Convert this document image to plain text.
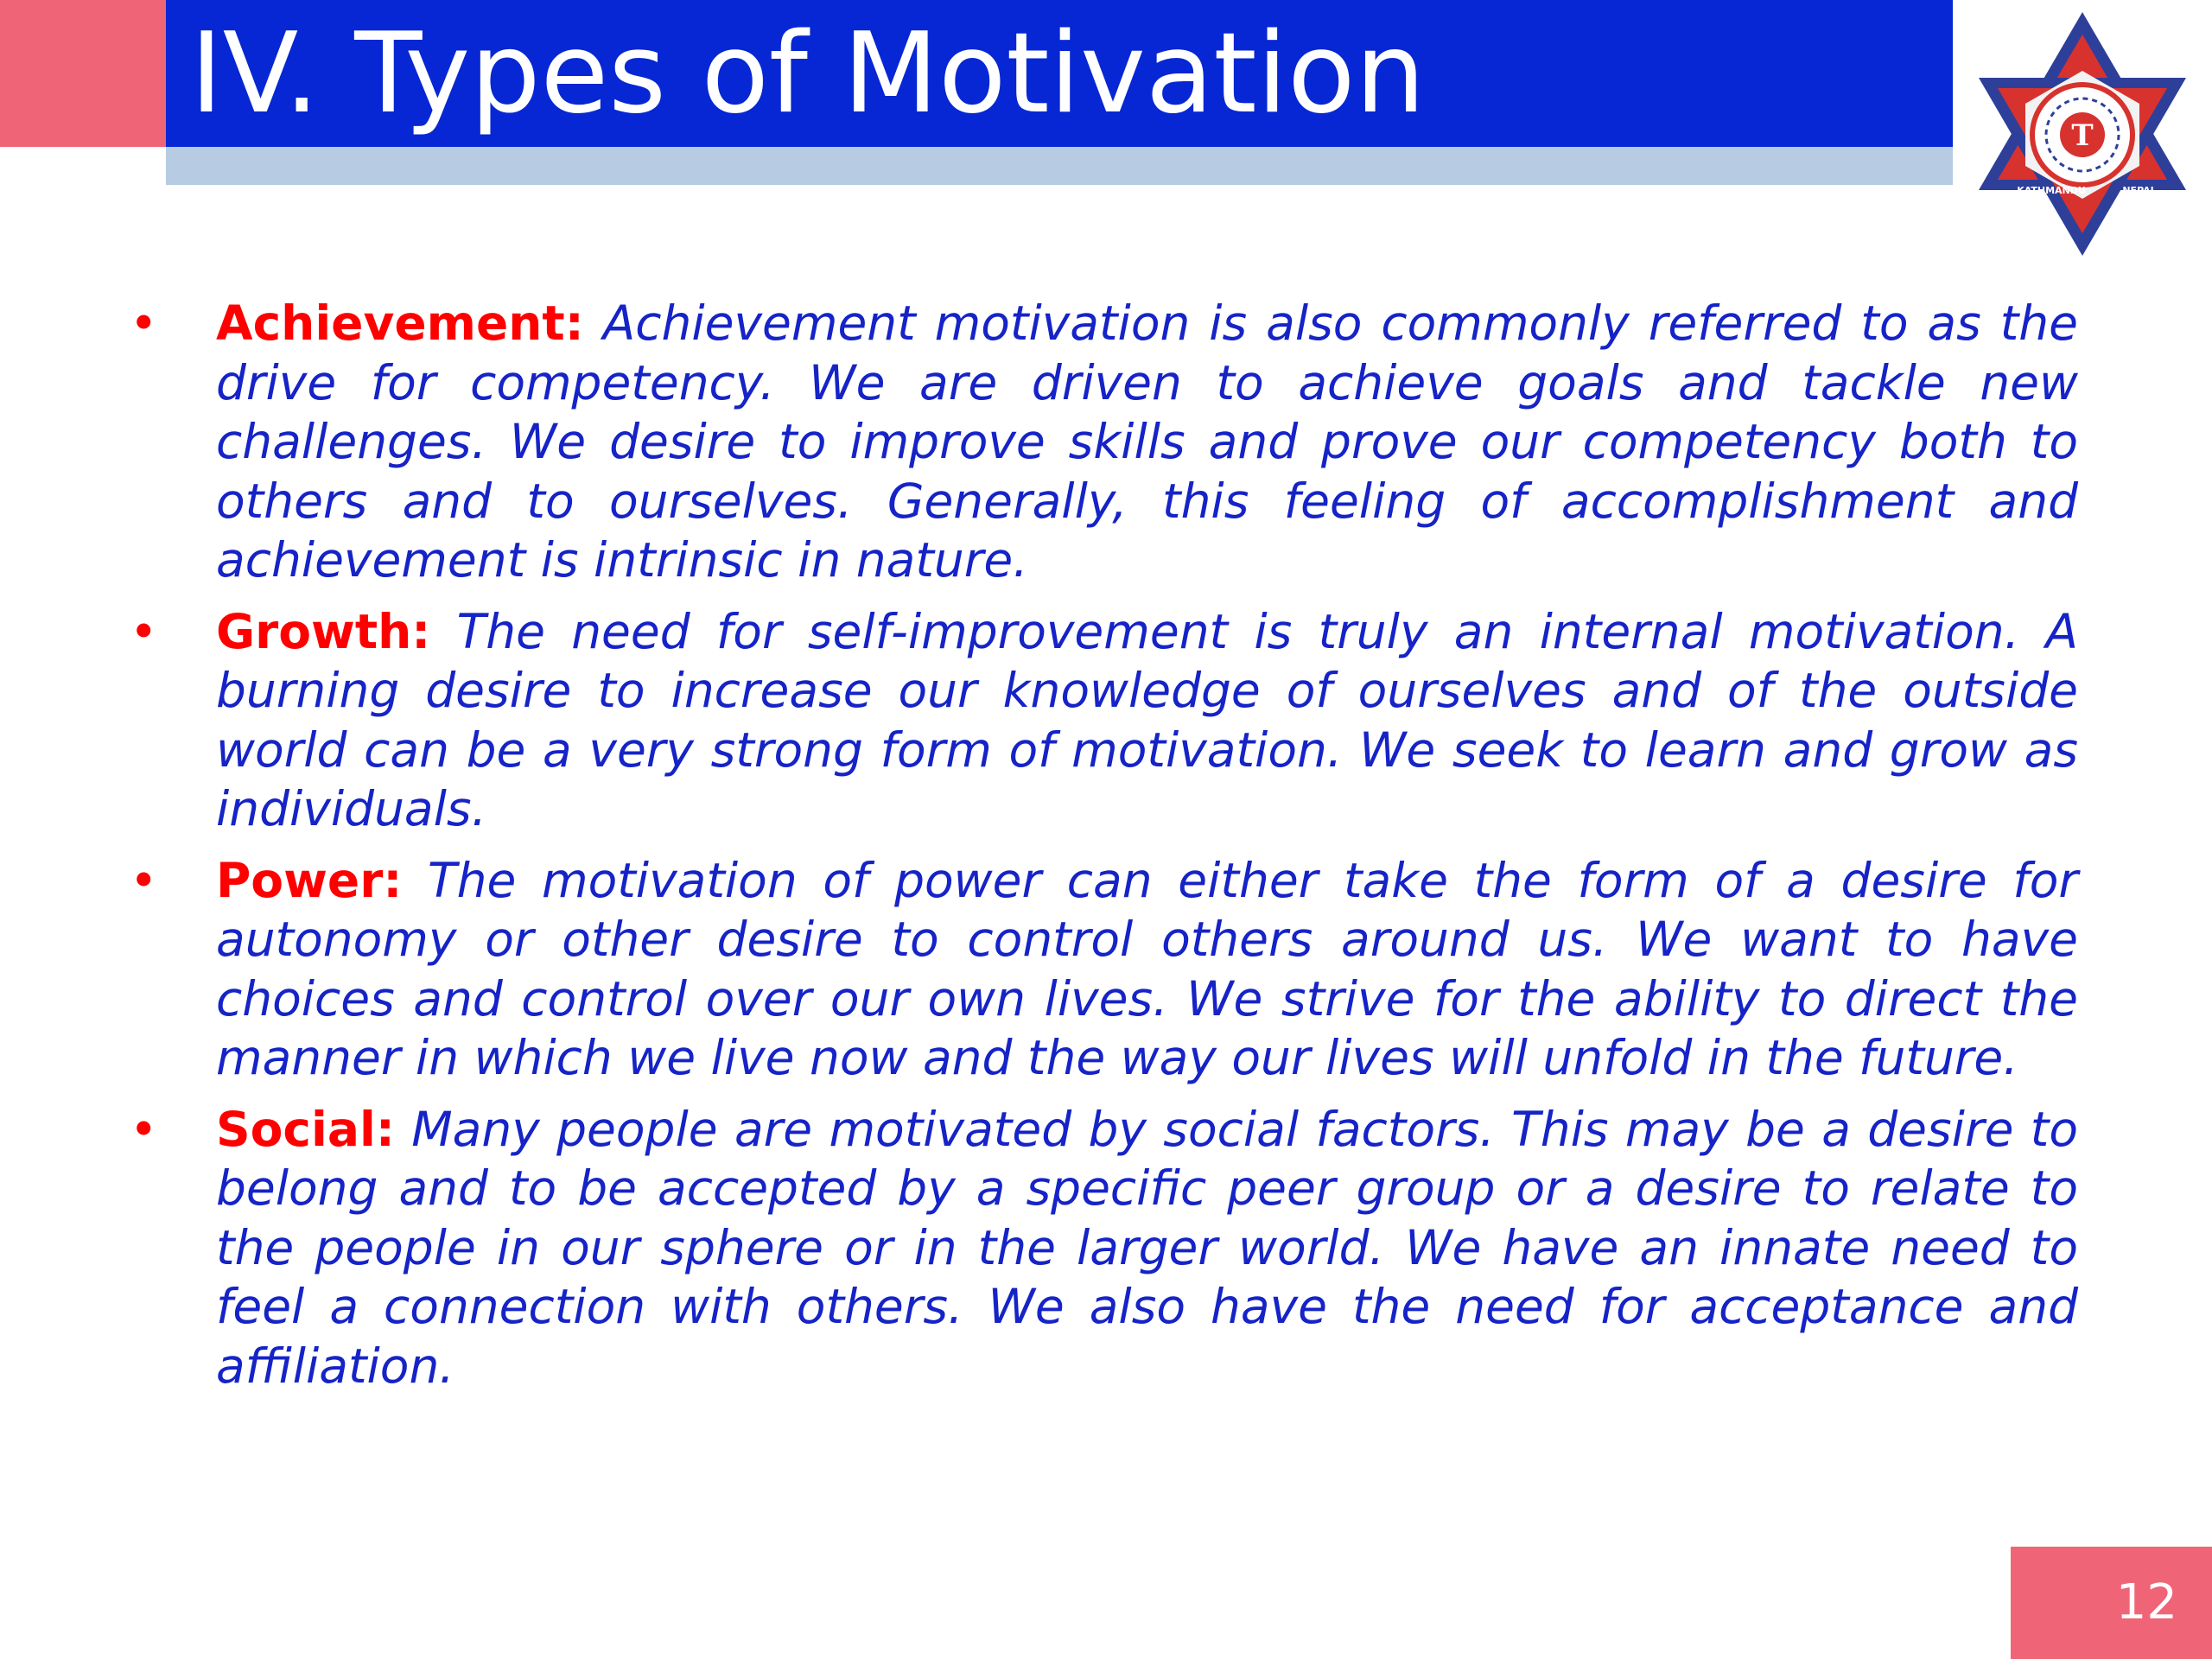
IV. Types of Motivation	T
KATHMANDU	NEPAL
• Achievement: Achievement motivation is also commonly referred to as the drive for competency. We are driven to achieve goals and tackle new challenges. We desire to improve skills and prove our competency both to others and to ourselves. Generally, this feeling of accomplishment and achievement is intrinsic in nature.
• Growth: The need for self-improvement is truly an internal motivation. A burning desire to increase our knowledge of ourselves and of the outside world can be a very strong form of motivation. We seek to learn and grow as individuals.
• Power: The motivation of power can either take the form of a desire for autonomy or other desire to control others around us. We want to have choices and control over our own lives. We strive for the ability to direct the manner in which we live now and the way our lives will unfold in the future.
• Social: Many people are motivated by social factors. This may be a desire to belong and to be accepted by a specific peer group or a desire to relate to the people in our sphere or in the larger world. We have an innate need to feel a connection with others. We also have the need for acceptance and affiliation.
12
